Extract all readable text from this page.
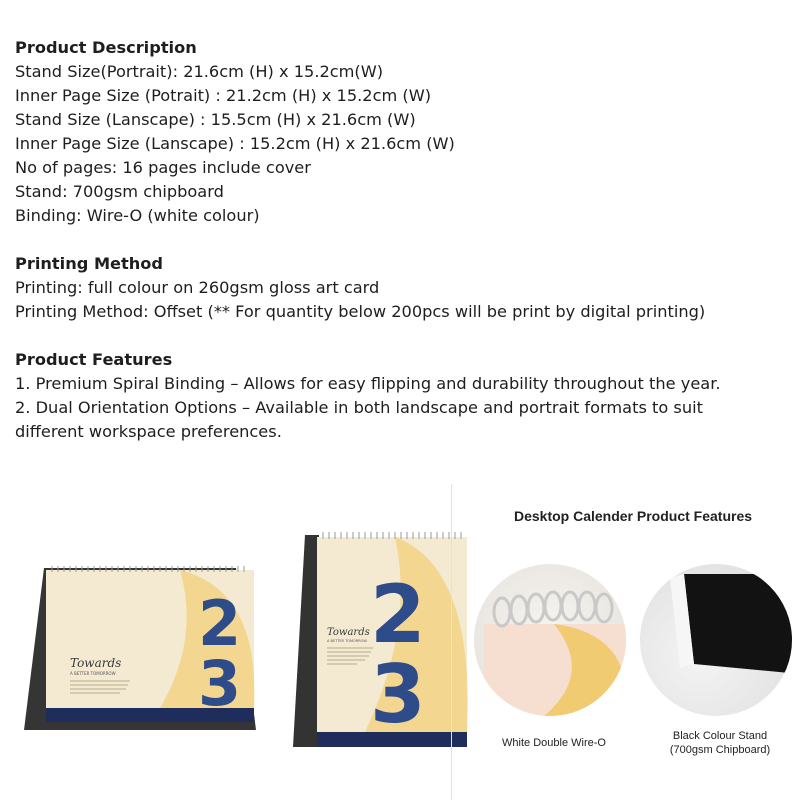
Product Description

Stand Size(Portrait): 21.6cm (H) x 15.2cm(W)

Inner Page Size (Potrait) : 21.2cm (H) x 15.2cm (W)

Stand Size (Lanscape) : 15.5cm (H) x 21.6cm (W)

Inner Page Size (Lanscape) : 15.2cm (H) x 21.6cm (W)

No of pages: 16 pages include cover

Stand: 700gsm chipboard

Binding: Wire-O (white colour)

Printing Method

Printing: full colour on 260gsm gloss art card

Printing Method: Offset (** For quantity below 200pcs will be print by digital printing)

Product Features

1. Premium Spiral Binding – Allows for easy flipping and durability throughout the year.

2. Dual Orientation Options – Available in both landscape and portrait formats to suit

different workspace preferences.

2
3
Towards
A BETTER TOMORROW
2
3
Towards
A BETTER TOMORROW
Desktop Calender Product Features
White Double Wire-O
Black Colour Stand
(700gsm Chipboard)
